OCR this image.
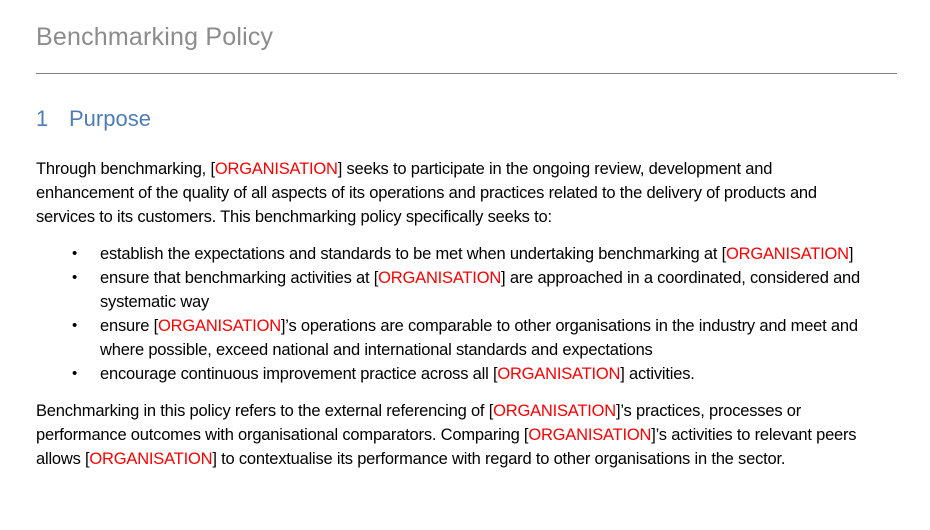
Benchmarking Policy
1 Purpose

Through benchmarking, [ORGANISATION] seeks to participate in the ongoing review, development and enhancement of the quality of all aspects of its operations and practices related to the delivery of products and services to its customers. This benchmarking policy specifically seeks to:

•	establish the expectations and standards to be met when undertaking benchmarking at [ORGANISATION]
•	ensure that benchmarking activities at [ORGANISATION] are approached in a coordinated, considered and systematic way
•	ensure [ORGANISATION]’s operations are comparable to other organisations in the industry and meet and where possible, exceed national and international standards and expectations
•	encourage continuous improvement practice across all [ORGANISATION] activities.

Benchmarking in this policy refers to the external referencing of [ORGANISATION]’s practices, processes or performance outcomes with organisational comparators. Comparing [ORGANISATION]’s activities to relevant peers allows [ORGANISATION] to contextualise its performance with regard to other organisations in the sector.
